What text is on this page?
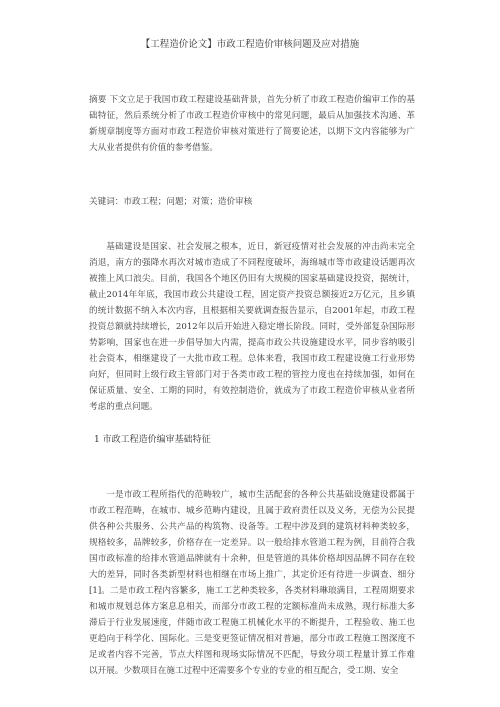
【工程造价论文】市政工程造价审核问题及应对措施

摘要 下文立足于我国市政工程建设基础背景，首先分析了市政工程造价编审工作的基础特征，然后系统分析了市政工程造价审核中的常见问题，最后从加强技术沟通、革新规章制度等方面对市政工程造价审核对策进行了简要论述，以期下文内容能够为广大从业者提供有价值的参考借鉴。

关键词：市政工程；问题；对策；造价审核

基础建设是国家、社会发展之根本，近日，新冠疫情对社会发展的冲击尚未完全消退，南方的强降水再次对城市造成了不同程度破坏，海绵城市等市政建设话题再次被推上风口浪尖。目前，我国各个地区仍旧有大规模的国家基础建设投资，据统计，截止2014年年底，我国市政公共建设工程，固定资产投资总额接近2万亿元，且乡镇的统计数据不纳入本次内容，且根据相关要就调查报告显示，自2001年起，市政工程投资总额就持续增长，2012年以后开始进入稳定增长阶段。同时，受外部复杂国际形势影响，国家也在进一步倡导加大内需，提高市政公共设施建设水平，同步容纳吸引社会资本，相继建设了一大批市政工程。总体来看，我国市政工程建设施工行业形势向好，但同时上级行政主管部门对于各类市政工程的管控力度也在持续加强，如何在保证质量、安全、工期的同时，有效控制造价，就成为了市政工程造价审核从业者所考虑的重点问题。

1 市政工程造价编审基础特征

一是市政工程所指代的范畴较广，城市生活配套的各种公共基础设施建设都属于市政工程范畴，在城市、城乡范畴内建设，且属于政府责任以及义务，无偿为公民提供各种公共服务、公共产品的构筑物、设备等。工程中涉及到的建筑材料种类较多，规格较多，品牌较多，价格存在一定差异。以一般给排水管道工程为例，目前符合我国市政标准的给排水管道品牌就有十余种，但是管道的具体价格却因品牌不同存在较大的差异，同时各类新型材料也相继在市场上推广，其定价还有待进一步调查、细分[1]。二是市政工程内容繁多，施工工艺种类较多，各类材料琳琅满目，工程周期要求和城市规划总体方案息息相关，而部分市政工程的定额标准尚未成熟，现行标准大多滞后于行业发展速度，伴随市政工程施工机械化水平的不断提升，工程验收、施工也更趋向于科学化、国际化。三是变更签证情况相对普遍，部分市政工程施工图深度不足或者内容不完善，节点大样图和现场实际情况不匹配，导致分项工程量计算工作难以开展。少数项目在施工过程中还需要多个专业的专业的相互配合，受工期、安全
